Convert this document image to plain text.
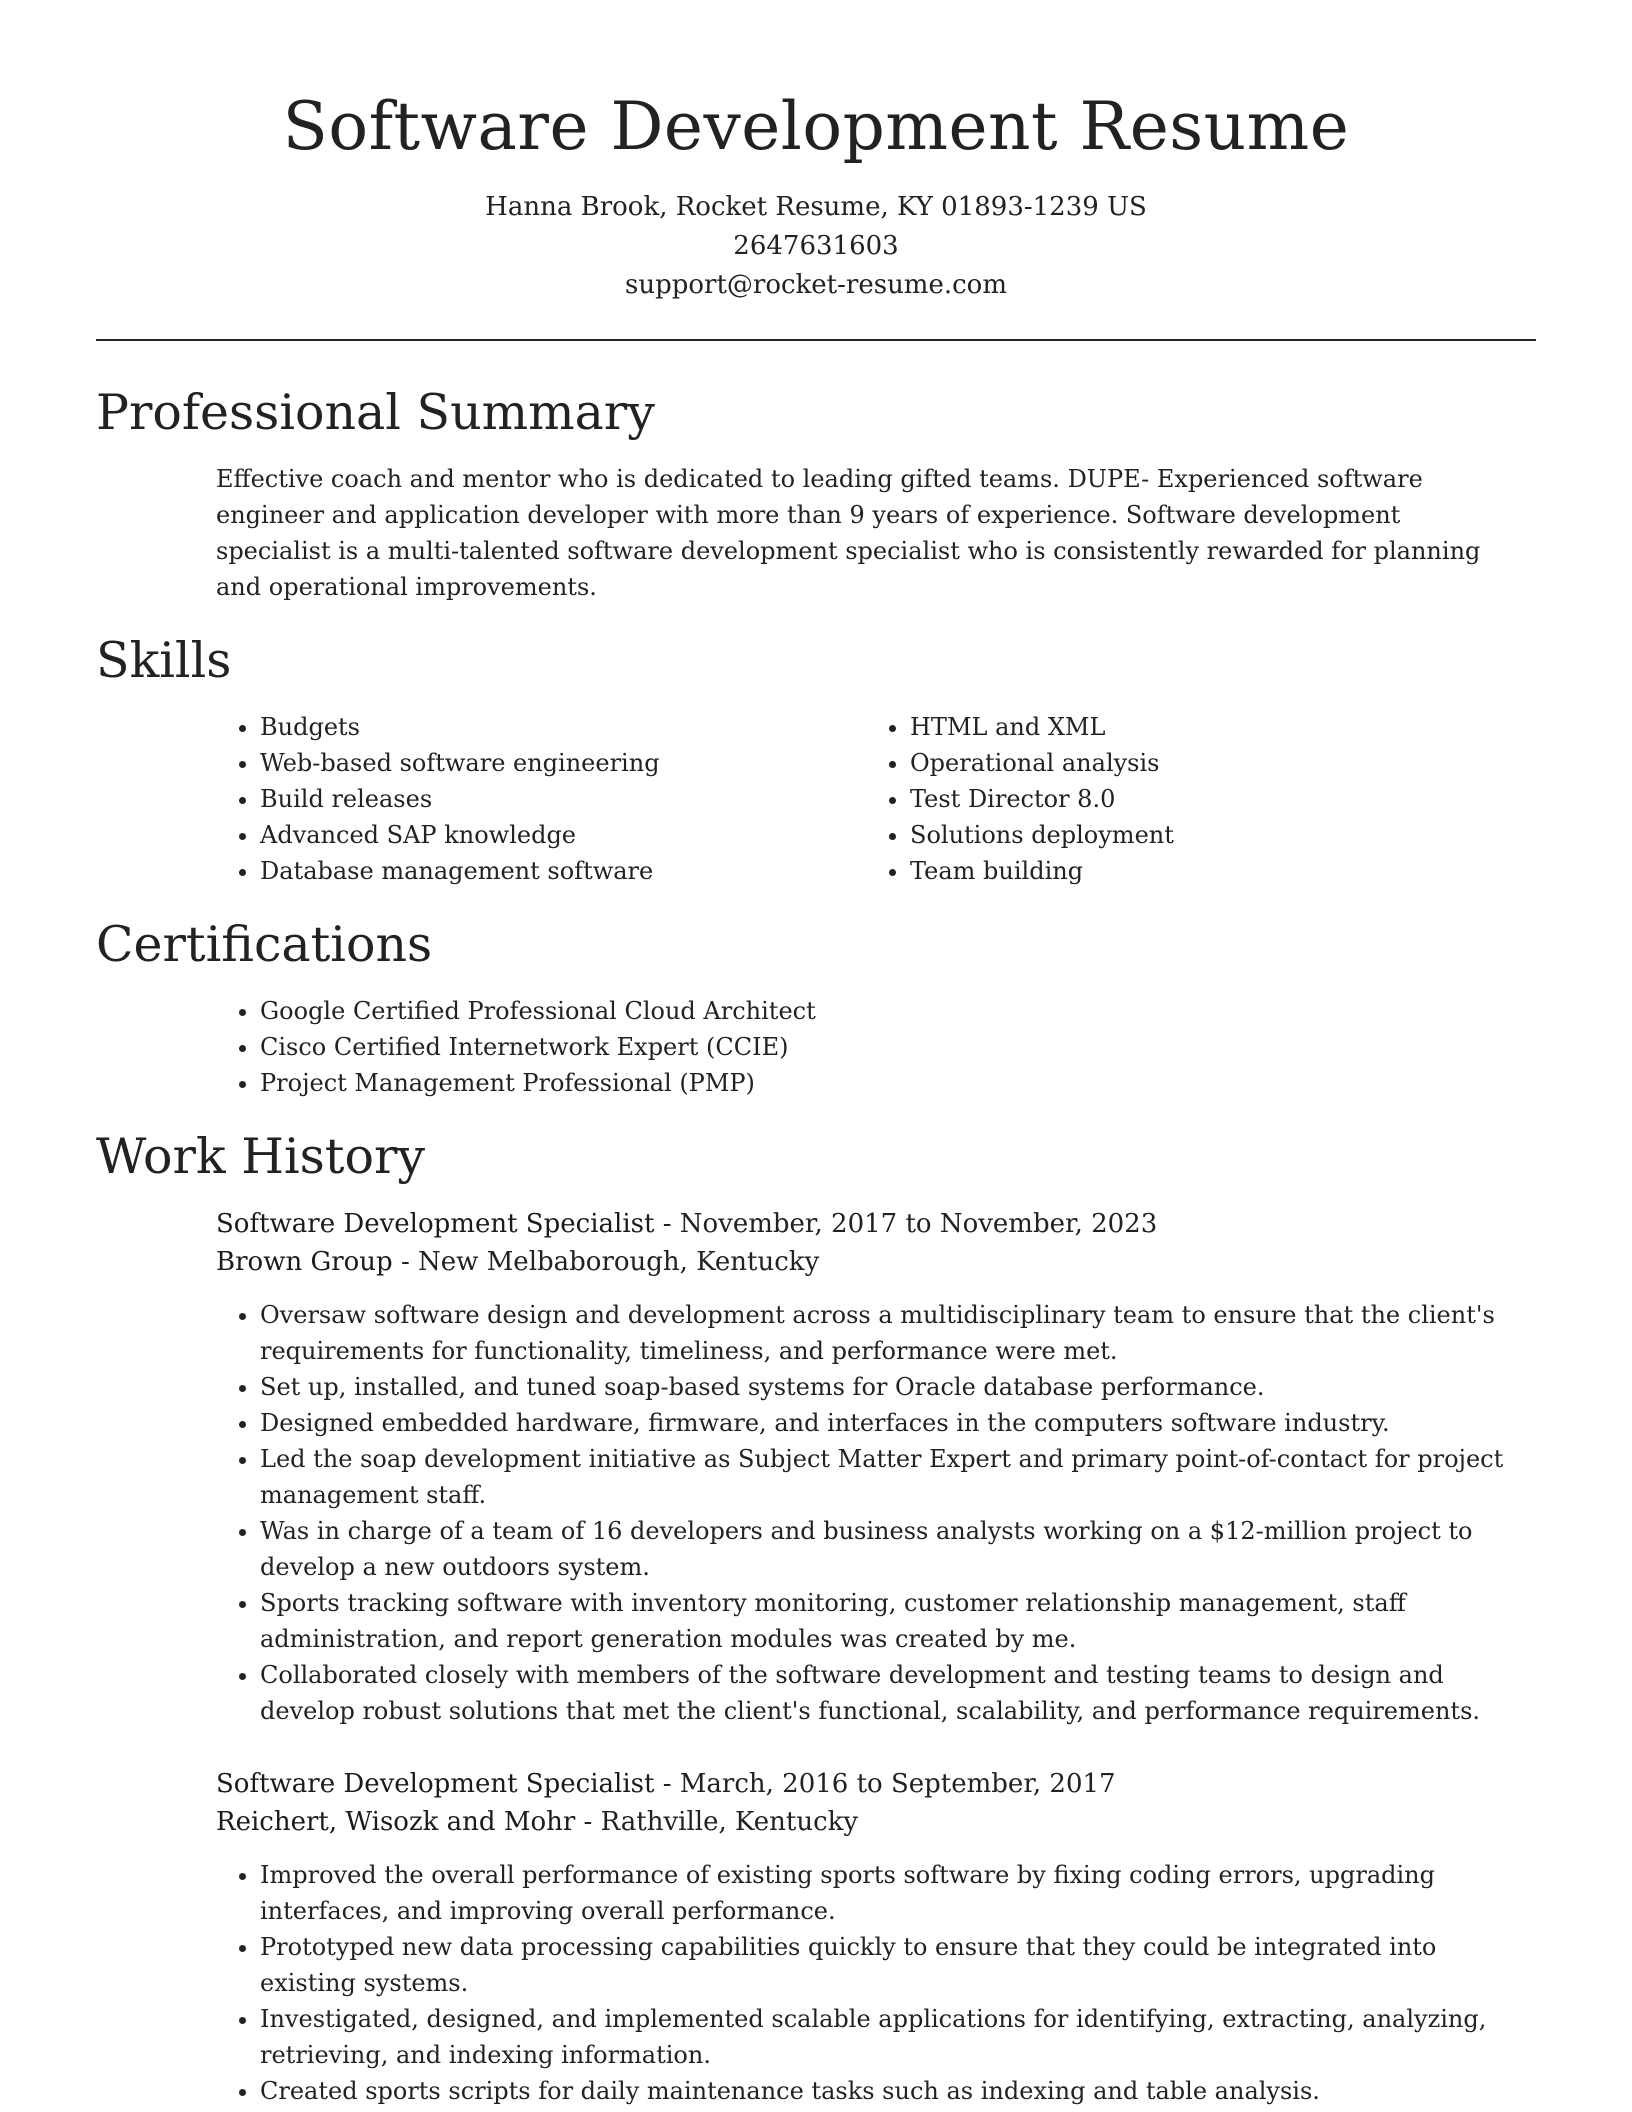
Software Development Resume
Hanna Brook, Rocket Resume, KY 01893-1239 US
2647631603
support@rocket-resume.com
Professional Summary

Effective coach and mentor who is dedicated to leading gifted teams. DUPE- Experienced software engineer and application developer with more than 9 years of experience. Software development specialist is a multi-talented software development specialist who is consistently rewarded for planning and operational improvements.

Skills
• Budgets
• Web-based software engineering
• Build releases
• Advanced SAP knowledge
• Database management software
• HTML and XML
• Operational analysis
• Test Director 8.0
• Solutions deployment
• Team building
Certifications
• Google Certified Professional Cloud Architect
• Cisco Certified Internetwork Expert (CCIE)
• Project Management Professional (PMP)
Work History
Software Development Specialist - November, 2017 to November, 2023
Brown Group - New Melbaborough, Kentucky
• Oversaw software design and development across a multidisciplinary team to ensure that the client's requirements for functionality, timeliness, and performance were met.
• Set up, installed, and tuned soap-based systems for Oracle database performance.
• Designed embedded hardware, firmware, and interfaces in the computers software industry.
• Led the soap development initiative as Subject Matter Expert and primary point-of-contact for project management staff.
• Was in charge of a team of 16 developers and business analysts working on a $12-million project to develop a new outdoors system.
• Sports tracking software with inventory monitoring, customer relationship management, staff administration, and report generation modules was created by me.
• Collaborated closely with members of the software development and testing teams to design and develop robust solutions that met the client's functional, scalability, and performance requirements.
Software Development Specialist - March, 2016 to September, 2017
Reichert, Wisozk and Mohr - Rathville, Kentucky
• Improved the overall performance of existing sports software by fixing coding errors, upgrading interfaces, and improving overall performance.
• Prototyped new data processing capabilities quickly to ensure that they could be integrated into existing systems.
• Investigated, designed, and implemented scalable applications for identifying, extracting, analyzing, retrieving, and indexing information.
• Created sports scripts for daily maintenance tasks such as indexing and table analysis.
